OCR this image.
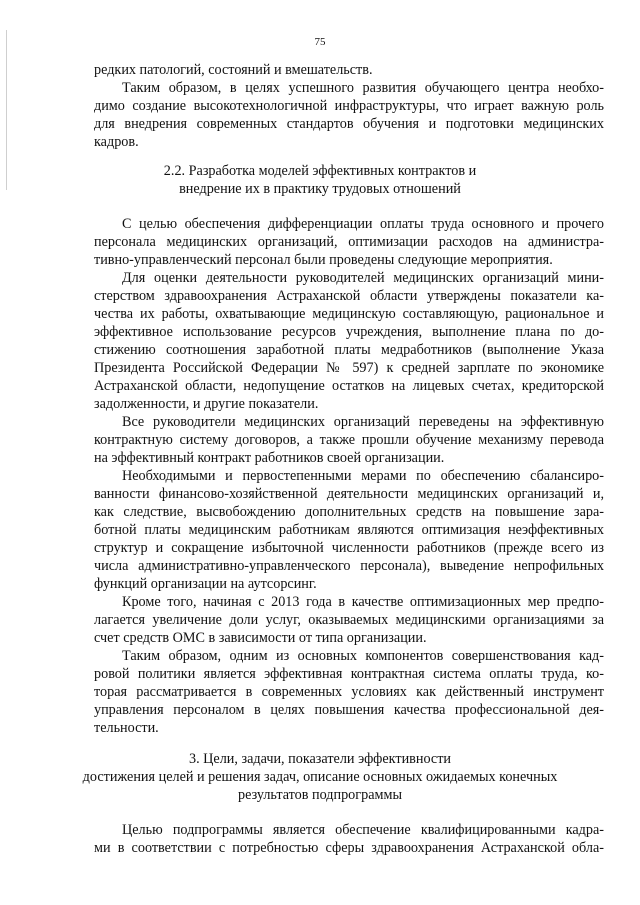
75
редких патологий, состояний и вмешательств.
Таким образом, в целях успешного развития обучающего центра необхо-
димо создание высокотехнологичной инфраструктуры, что играет важную роль
для внедрения современных стандартов обучения и подготовки медицинских
кадров.
2.2. Разработка моделей эффективных контрактов и
внедрение их в практику трудовых отношений
С целью обеспечения дифференциации оплаты труда основного и прочего
персонала медицинских организаций, оптимизации расходов на администра-
тивно-управленческий персонал были проведены следующие мероприятия.
Для оценки деятельности руководителей медицинских организаций мини-
стерством здравоохранения Астраханской области утверждены показатели ка-
чества их работы, охватывающие медицинскую составляющую, рациональное и
эффективное использование ресурсов учреждения, выполнение плана по до-
стижению соотношения заработной платы медработников (выполнение Указа
Президента Российской Федерации № 597) к средней зарплате по экономике
Астраханской области, недопущение остатков на лицевых счетах, кредиторской
задолженности, и другие показатели.
Все руководители медицинских организаций переведены на эффективную
контрактную систему договоров, а также прошли обучение механизму перевода
на эффективный контракт работников своей организации.
Необходимыми и первостепенными мерами по обеспечению сбалансиро-
ванности финансово-хозяйственной деятельности медицинских организаций и,
как следствие, высвобождению дополнительных средств на повышение зара-
ботной платы медицинским работникам являются оптимизация неэффективных
структур и сокращение избыточной численности работников (прежде всего из
числа административно-управленческого персонала), выведение непрофильных
функций организации на аутсорсинг.
Кроме того, начиная с 2013 года в качестве оптимизационных мер предпо-
лагается увеличение доли услуг, оказываемых медицинскими организациями за
счет средств ОМС в зависимости от типа организации.
Таким образом, одним из основных компонентов совершенствования кад-
ровой политики является эффективная контрактная система оплаты труда, ко-
торая рассматривается в современных условиях как действенный инструмент
управления персоналом в целях повышения качества профессиональной дея-
тельности.
3. Цели, задачи, показатели эффективности
достижения целей и решения задач, описание основных ожидаемых конечных
результатов подпрограммы
Целью подпрограммы является обеспечение квалифицированными кадра-
ми в соответствии с потребностью сферы здравоохранения Астраханской обла-
